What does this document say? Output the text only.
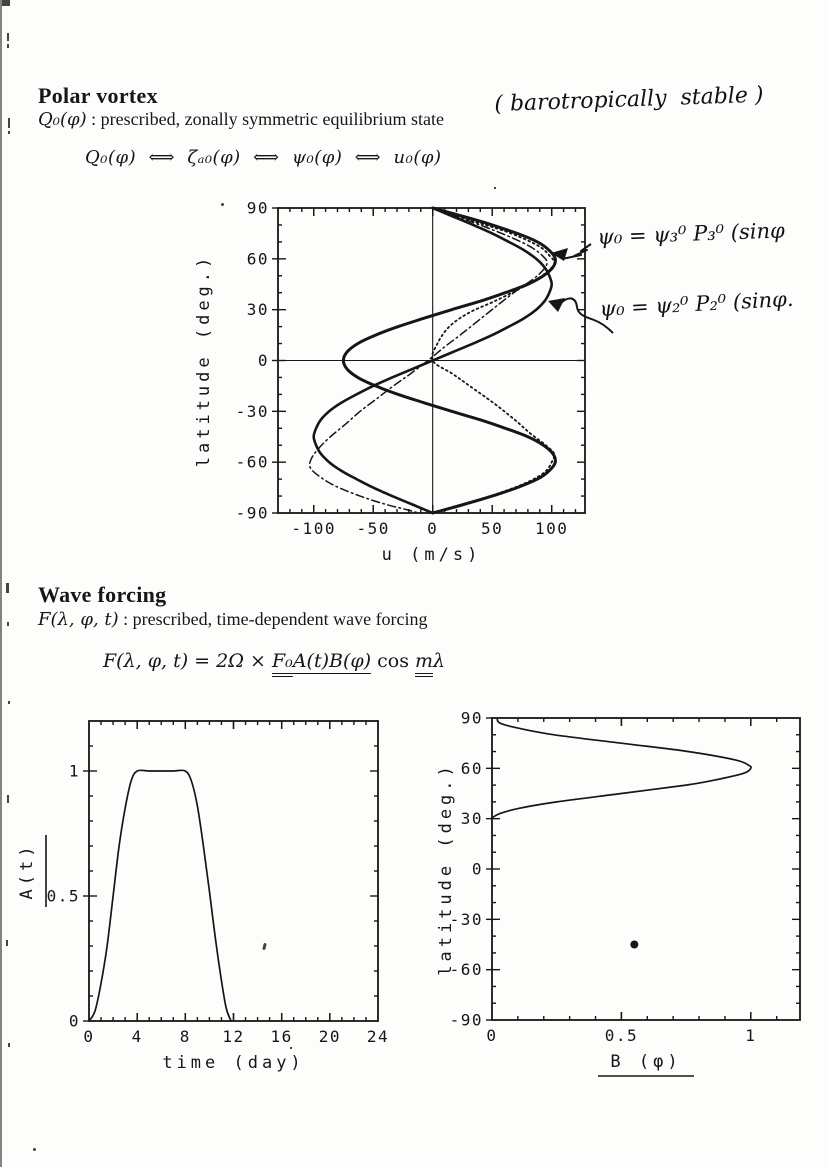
Polar vortex
Q₀(φ) : prescribed, zonally symmetric equilibrium state
( barotropically  stable )
Q₀(φ)  ⟺  ζₐ₀(φ)  ⟺  ψ₀(φ)  ⟺  u₀(φ)
-100 -50 0	50 100
-90
-60
-30
0
30
60
90
u (m/s)
latitude (deg.)
ψ₀ = ψ₃⁰ P₃⁰ (sinφ
ψ₀ = ψ₂⁰ P₂⁰ (sinφ.
Wave forcing
F(λ, φ, t) : prescribed, time-dependent wave forcing
F(λ, φ, t) = 2Ω × F₀A(t)B(φ) cos mλ
0 4 8 12 16 20 24
0
0.5
1
time (day)
A(t)
0	0.5	1
-90
-60
-30
0
30
60
90
B (φ)
latitude (deg.)
